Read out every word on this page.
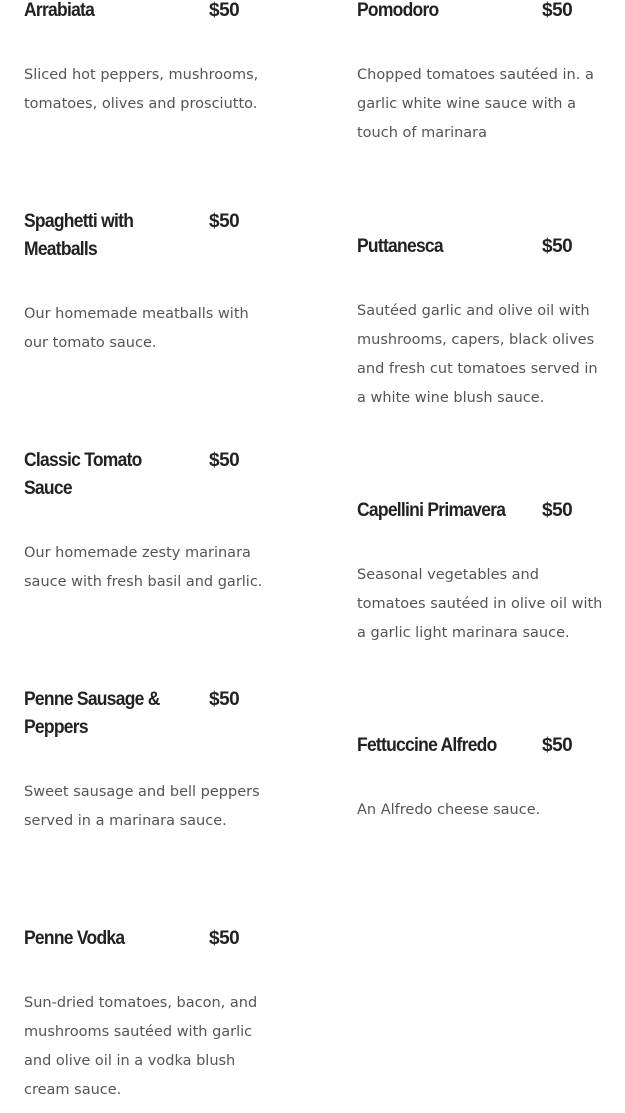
Arrabiata	$50
Sliced hot peppers, mushrooms, tomatoes, olives and prosciutto.
Spaghetti with Meatballs
$50
Our homemade meatballs with our tomato sauce.
Classic Tomato Sauce
$50
Our homemade zesty marinara sauce with fresh basil and garlic.
Penne Sausage & Peppers
$50
Sweet sausage and bell peppers served in a marinara sauce.
Penne Vodka	$50
Sun-dried tomatoes, bacon, and mushrooms sautéed with garlic and olive oil in a vodka blush cream sauce.
Pomodoro	$50
Chopped tomatoes sautéed in. a garlic white wine sauce with a touch of marinara
Puttanesca	$50
Sautéed garlic and olive oil with mushrooms, capers, black olives and fresh cut tomatoes served in a white wine blush sauce.
Capellini Primavera	$50
Seasonal vegetables and tomatoes sautéed in olive oil with a garlic light marinara sauce.
Fettuccine Alfredo	$50
An Alfredo cheese sauce.
